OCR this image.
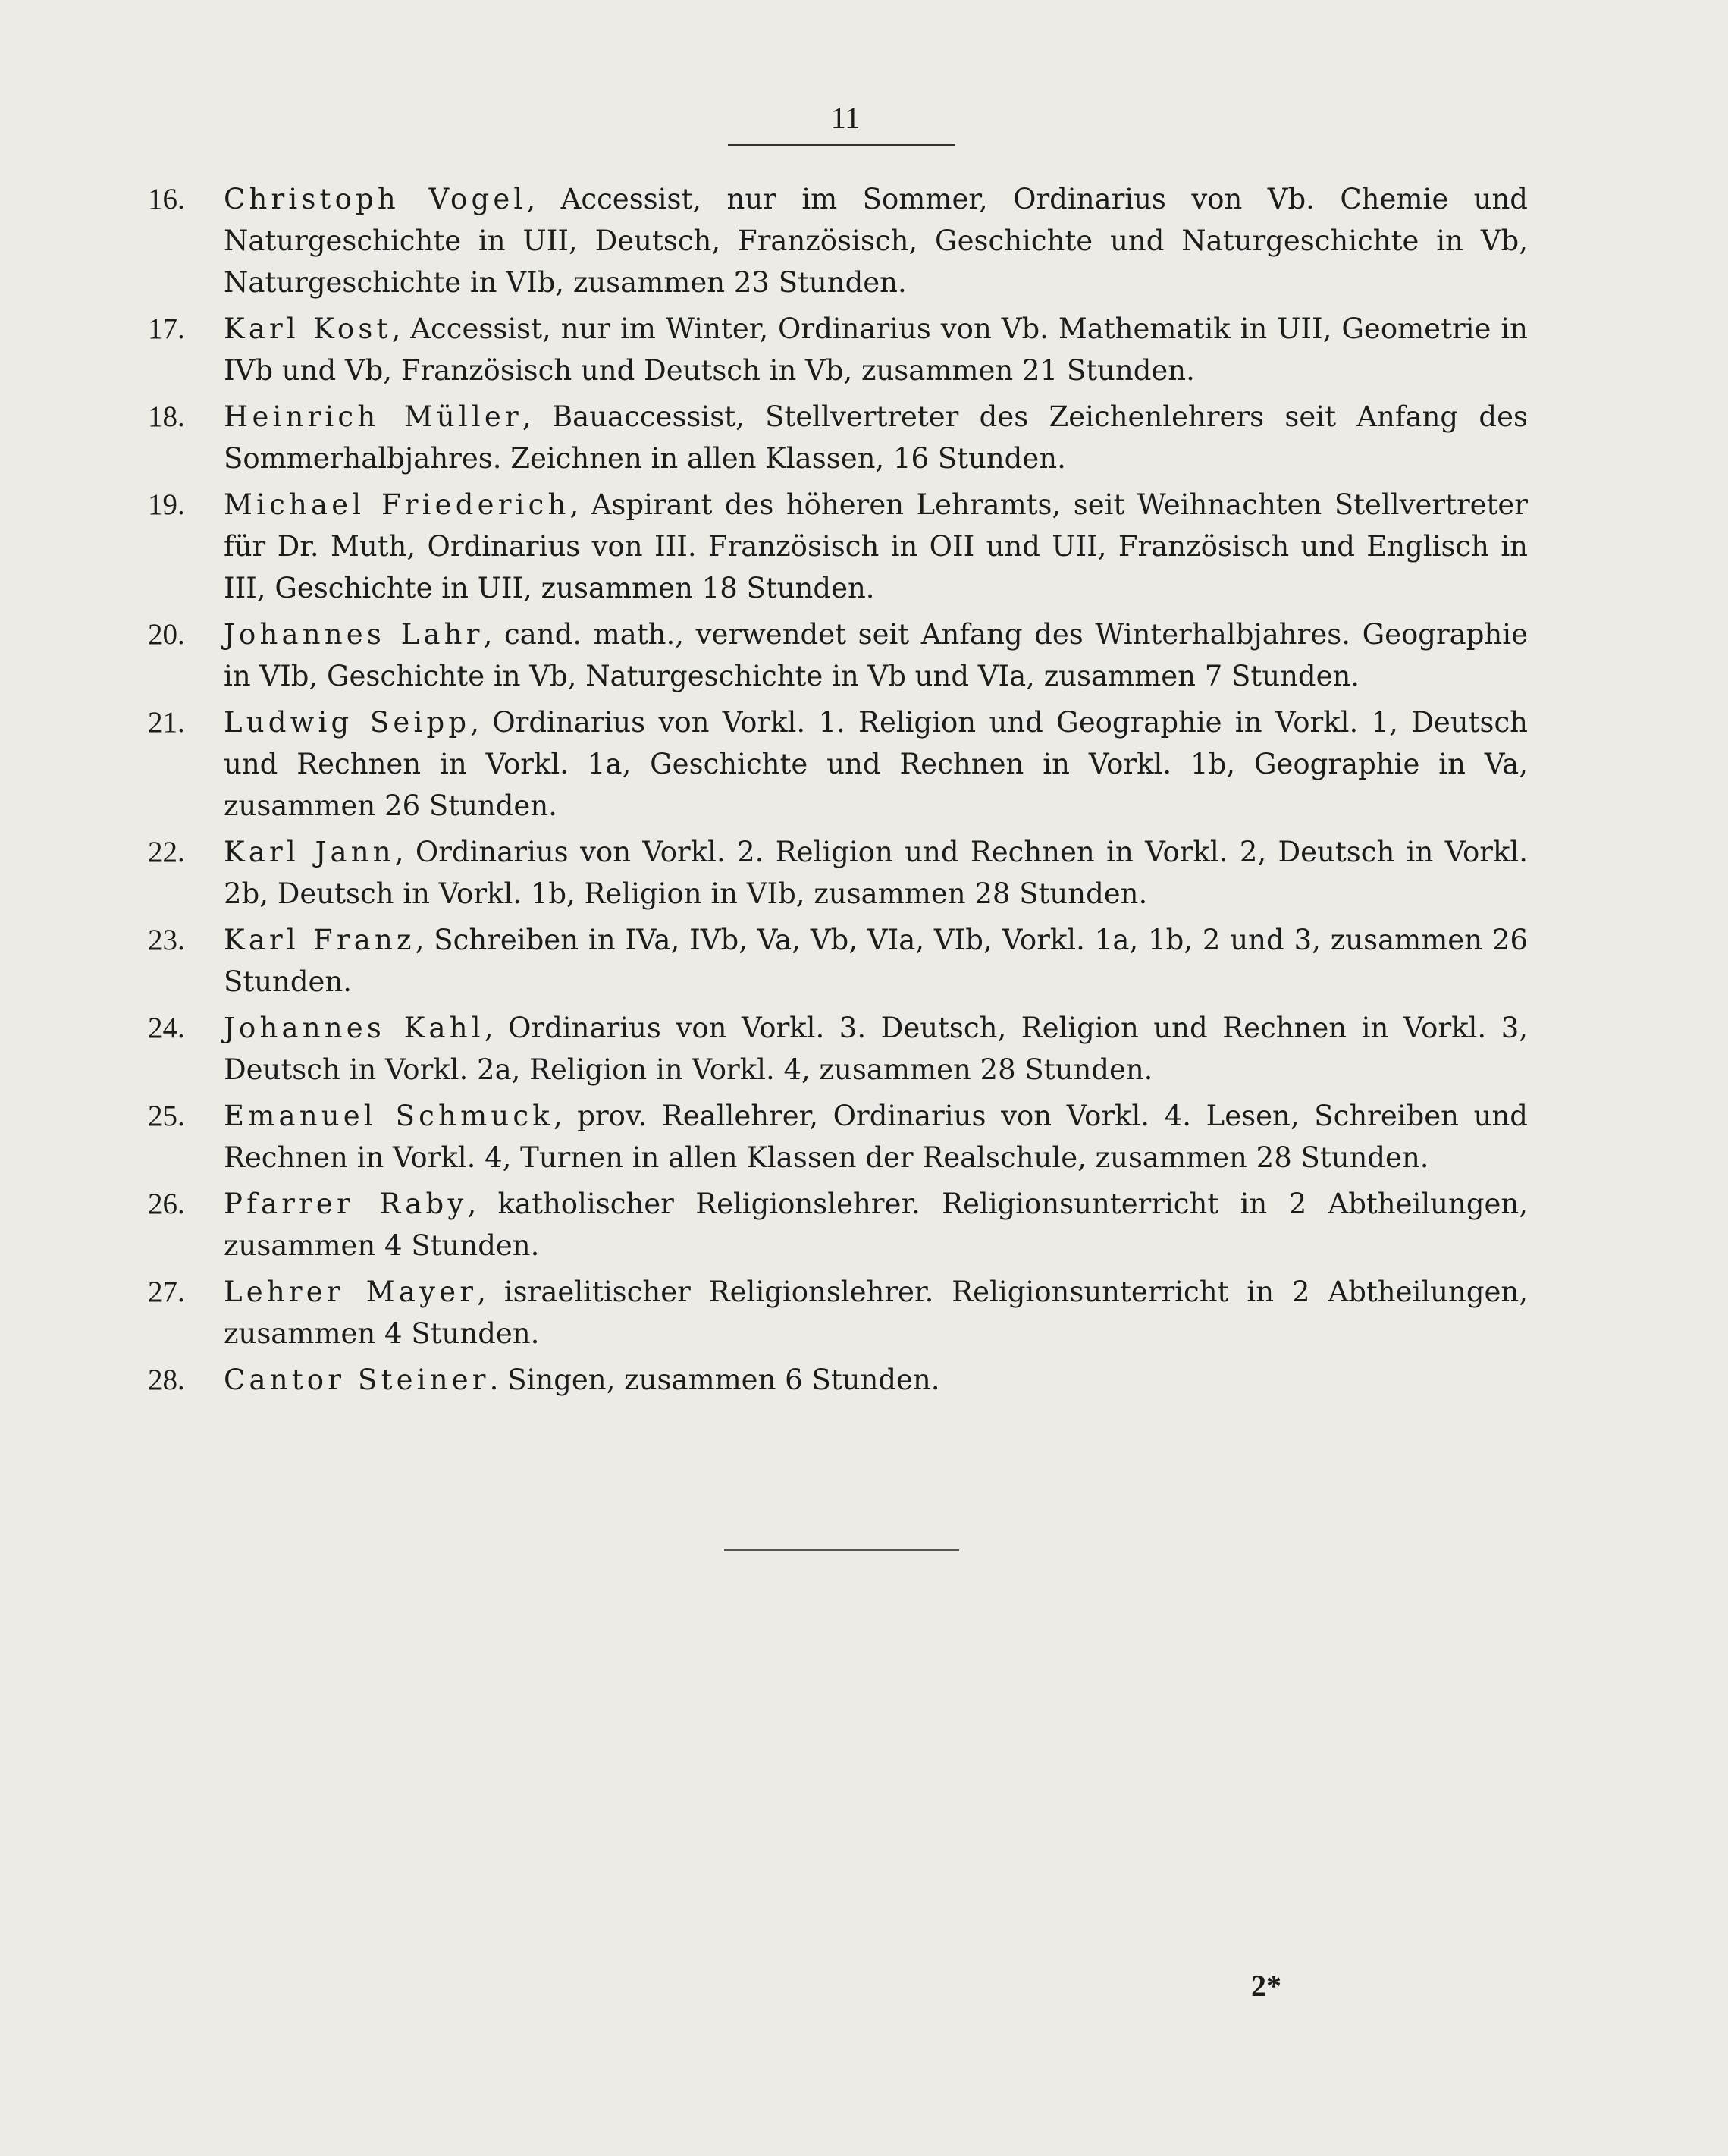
11
16. Christoph Vogel, Accessist, nur im Sommer, Ordinarius von Vb. Chemie und Naturgeschichte in UII, Deutsch, Französisch, Geschichte und Naturgeschichte in Vb, Naturgeschichte in VIb, zusammen 23 Stunden.
17. Karl Kost, Accessist, nur im Winter, Ordinarius von Vb. Mathematik in UII, Geometrie in IVb und Vb, Französisch und Deutsch in Vb, zusammen 21 Stunden.
18. Heinrich Müller, Bauaccessist, Stellvertreter des Zeichenlehrers seit Anfang des Sommerhalbjahres. Zeichnen in allen Klassen, 16 Stunden.
19. Michael Friederich, Aspirant des höheren Lehramts, seit Weihnachten Stellvertreter für Dr. Muth, Ordinarius von III. Französisch in OII und UII, Französisch und Englisch in III, Geschichte in UII, zusammen 18 Stunden.
20. Johannes Lahr, cand. math., verwendet seit Anfang des Winterhalbjahres. Geographie in VIb, Geschichte in Vb, Naturgeschichte in Vb und VIa, zusammen 7 Stunden.
21. Ludwig Seipp, Ordinarius von Vorkl. 1. Religion und Geographie in Vorkl. 1, Deutsch und Rechnen in Vorkl. 1a, Geschichte und Rechnen in Vorkl. 1b, Geographie in Va, zusammen 26 Stunden.
22. Karl Jann, Ordinarius von Vorkl. 2. Religion und Rechnen in Vorkl. 2, Deutsch in Vorkl. 2b, Deutsch in Vorkl. 1b, Religion in VIb, zusammen 28 Stunden.
23. Karl Franz, Schreiben in IVa, IVb, Va, Vb, VIa, VIb, Vorkl. 1a, 1b, 2 und 3, zusammen 26 Stunden.
24. Johannes Kahl, Ordinarius von Vorkl. 3. Deutsch, Religion und Rechnen in Vorkl. 3, Deutsch in Vorkl. 2a, Religion in Vorkl. 4, zusammen 28 Stunden.
25. Emanuel Schmuck, prov. Reallehrer, Ordinarius von Vorkl. 4. Lesen, Schreiben und Rechnen in Vorkl. 4, Turnen in allen Klassen der Realschule, zusammen 28 Stunden.
26. Pfarrer Raby, katholischer Religionslehrer. Religionsunterricht in 2 Abtheilungen, zusammen 4 Stunden.
27. Lehrer Mayer, israelitischer Religionslehrer. Religionsunterricht in 2 Abtheilungen, zusammen 4 Stunden.
28. Cantor Steiner. Singen, zusammen 6 Stunden.
2*
